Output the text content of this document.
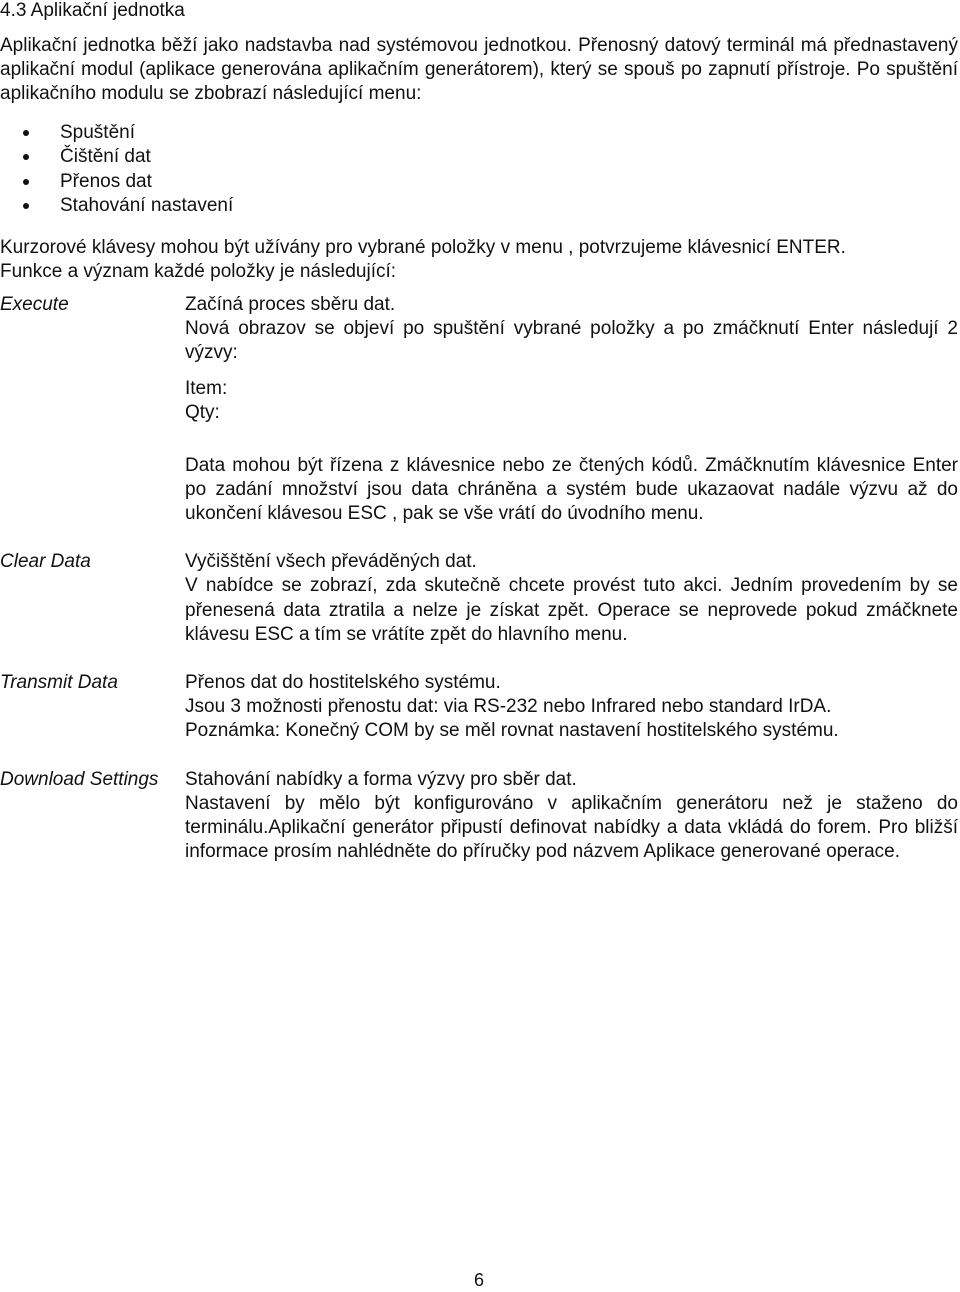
4.3 Aplikační jednotka

Aplikační jednotka běží jako nadstavba nad systémovou jednotkou. Přenosný datový terminál má přednastavený aplikační modul (aplikace generována aplikačním generátorem), který se spouš po zapnutí přístroje. Po spuštění aplikačního modulu se zbobrazí následující menu:

Spuštění
Čištění dat
Přenos dat
Stahování nastavení
Kurzorové klávesy mohou být užívány pro vybrané položky v menu , potvrzujeme klávesnicí ENTER.
Funkce a význam každé položky je následující:
Execute	Začíná proces sběru dat.
Nová obrazov se objeví po spuštění vybrané položky a po zmáčknutí Enter následují 2 výzvy:
Item:
Qty:
Data mohou být řízena z klávesnice nebo ze čtených kódů. Zmáčknutím klávesnice Enter po zadání množství jsou data chráněna a systém bude ukazaovat nadále výzvu až do ukončení klávesou ESC , pak se vše vrátí do úvodního menu.
Clear Data	Vyčišštění všech převáděných dat.
V nabídce se zobrazí, zda skutečně chcete provést tuto akci. Jedním provedením by se přenesená data ztratila a nelze je získat zpět. Operace se neprovede pokud zmáčknete klávesu ESC a tím se vrátíte zpět do hlavního menu.
Transmit Data	Přenos dat do hostitelského systému.
Jsou 3 možnosti přenostu dat: via RS-232 nebo Infrared nebo standard IrDA.
Poznámka: Konečný COM by se měl rovnat nastavení hostitelského systému.
Download Settings	Stahování nabídky a forma výzvy pro sběr dat.
Nastavení by mělo být konfigurováno v aplikačním generátoru než je staženo do terminálu.Aplikační generátor připustí definovat nabídky a data vkládá do forem. Pro bližší informace prosím nahlédněte do příručky pod názvem Aplikace generované operace.
6
